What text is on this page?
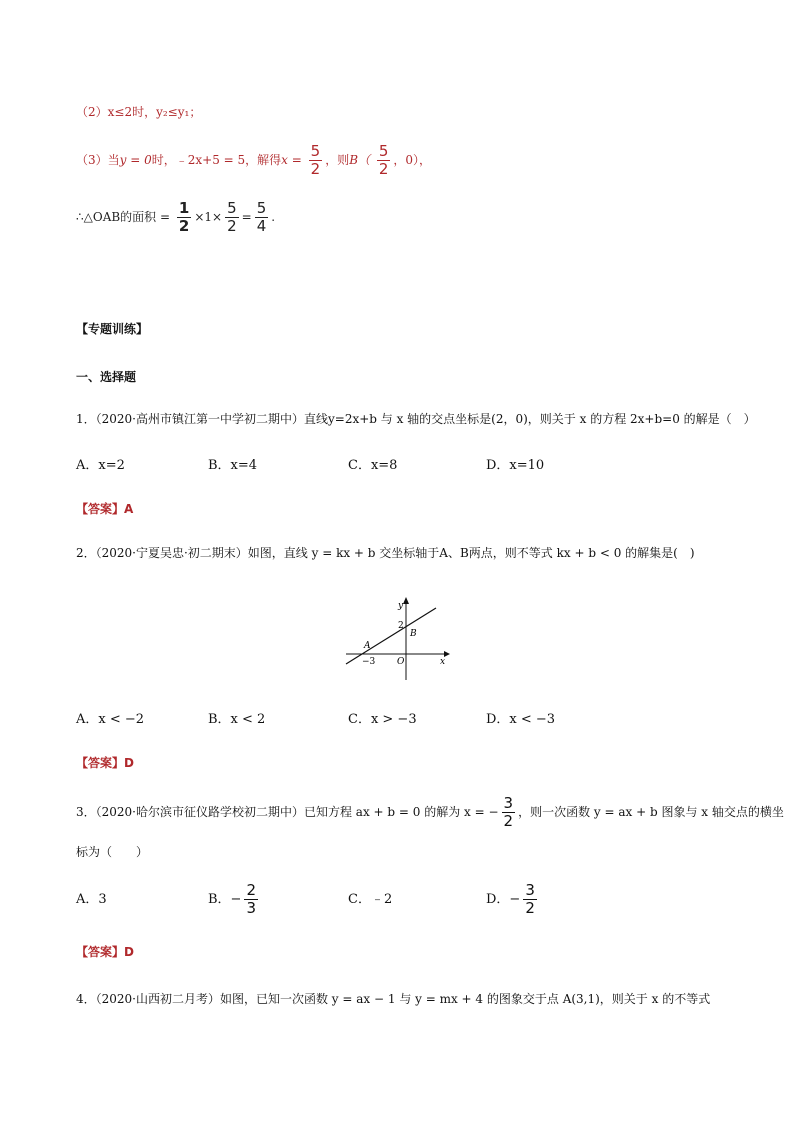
（2）x≤2时，y₂≤y₁；
（3）当y = 0时，﹣2x+5 = 5，解得$x = \frac{5}{2}$ ，则$B( \frac{5}{2}$ ，0），
∴△OAB的面积 = $\frac{1}{2} \times 1\times \frac{5}{2} = \frac{5}{4}$ .
【专题训练】
一、选择题
1．（2020·高州市镇江第一中学初二期中）直线y=2x+b 与 x 轴的交点坐标是(2，0)，则关于 x 的方程 2x+b=0 的解是（　）
A．x=2	B．x=4	C．x=8	D．x=10
【答案】A
2．（2020·宁夏吴忠·初二期末）如图，直线 y = kx + b 交坐标轴于A、B两点，则不等式 kx + b < 0 的解集是(　)
y
x
O
A
B
2
−3
A．x < −2	B．x < 2	C．x > −3	D．x < −3
【答案】D
3．（2020·哈尔滨市征仪路学校初二期中）已知方程 ax + b = 0 的解为 x = − $\frac{3}{2}$ ，则一次函数 y = ax + b 图象与 x 轴交点的横坐
标为（　　）
A．3	B．− $\frac{2}{3}$	C．﹣2	D．− $\frac{3}{2}$
【答案】D
4．（2020·山西初二月考）如图，已知一次函数 y = ax − 1 与 y = mx + 4 的图象交于点 A(3,1)，则关于 x 的不等式
